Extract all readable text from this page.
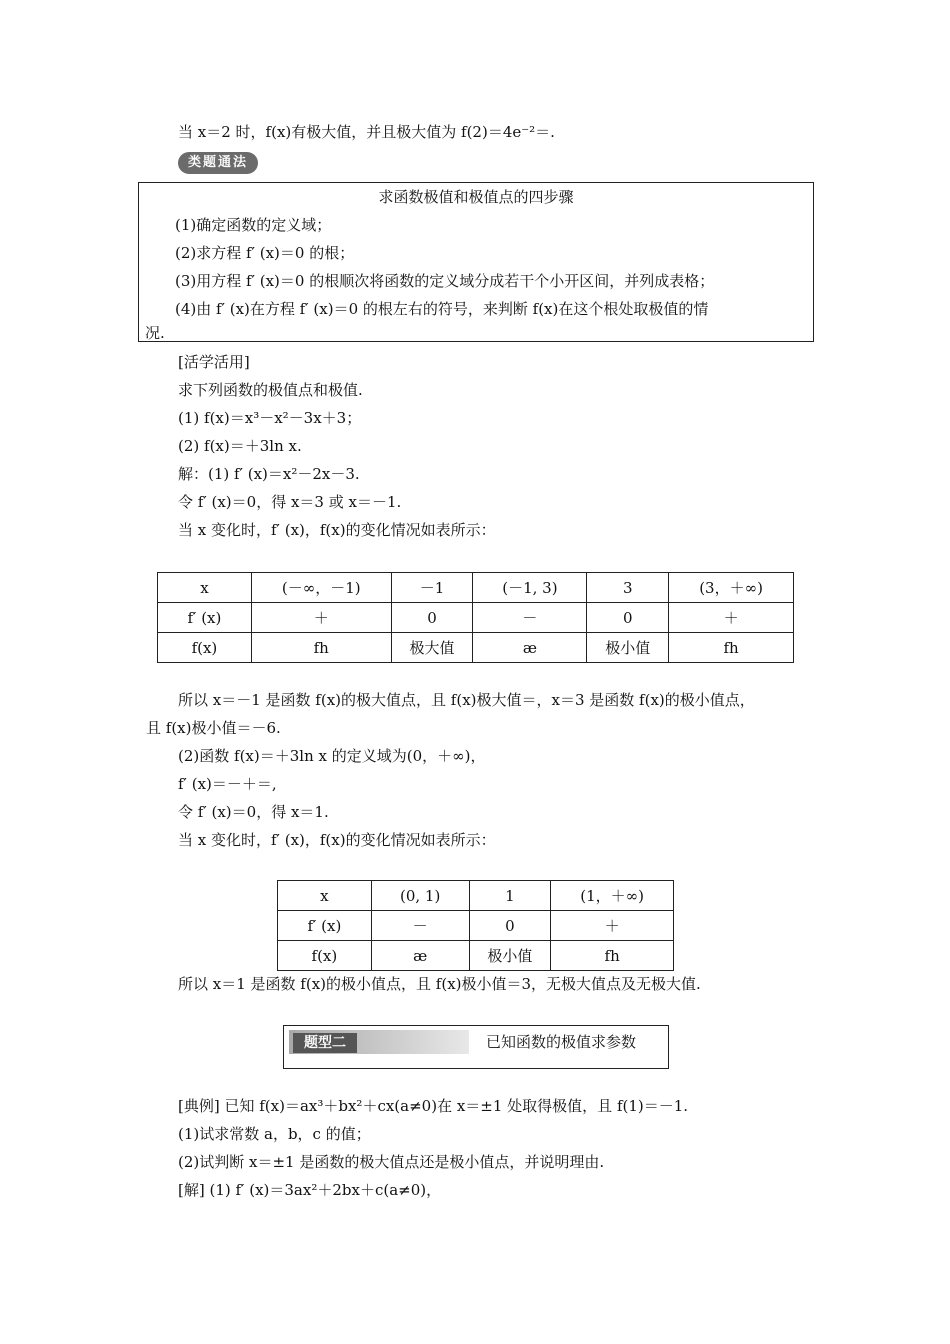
当 x＝2 时，f(x)有极大值，并且极大值为 f(2)＝4e⁻²＝.
类题通法
求函数极值和极值点的四步骤
(1)确定函数的定义域；
(2)求方程 f′ (x)＝0 的根；
(3)用方程 f′ (x)＝0 的根顺次将函数的定义域分成若干个小开区间，并列成表格；
(4)由 f′ (x)在方程 f′ (x)＝0 的根左右的符号，来判断 f(x)在这个根处取极值的情
况.
[活学活用]
求下列函数的极值点和极值.
(1) f(x)＝x³－x²－3x＋3；
(2) f(x)＝＋3ln x.
解：(1) f′ (x)＝x²－2x－3.
令 f′ (x)＝0，得 x＝3 或 x＝－1.
当 x 变化时，f′ (x)，f(x)的变化情况如表所示：
x	(－∞，－1)	－1	(－1, 3)	3	(3，＋∞)
f′ (x)	＋	0	－	0	＋
f(x)	fh	极大值	æ	极小值	fh
所以 x＝－1 是函数 f(x)的极大值点，且 f(x)极大值＝，x＝3 是函数 f(x)的极小值点，
且 f(x)极小值＝－6.
(2)函数 f(x)＝＋3ln x 的定义域为(0，＋∞)，
f′ (x)＝－＋＝,
令 f′ (x)＝0，得 x＝1.
当 x 变化时，f′ (x)，f(x)的变化情况如表所示：
x	(0, 1)	1	(1，＋∞)
f′ (x)	－	0	＋
f(x)	æ	极小值	fh
所以 x＝1 是函数 f(x)的极小值点，且 f(x)极小值＝3，无极大值点及无极大值.
题型二	已知函数的极值求参数
[典例] 已知 f(x)＝ax³＋bx²＋cx(a≠0)在 x＝±1 处取得极值，且 f(1)＝－1.
(1)试求常数 a，b，c 的值；
(2)试判断 x＝±1 是函数的极大值点还是极小值点，并说明理由.
[解] (1) f′ (x)＝3ax²＋2bx＋c(a≠0)，
